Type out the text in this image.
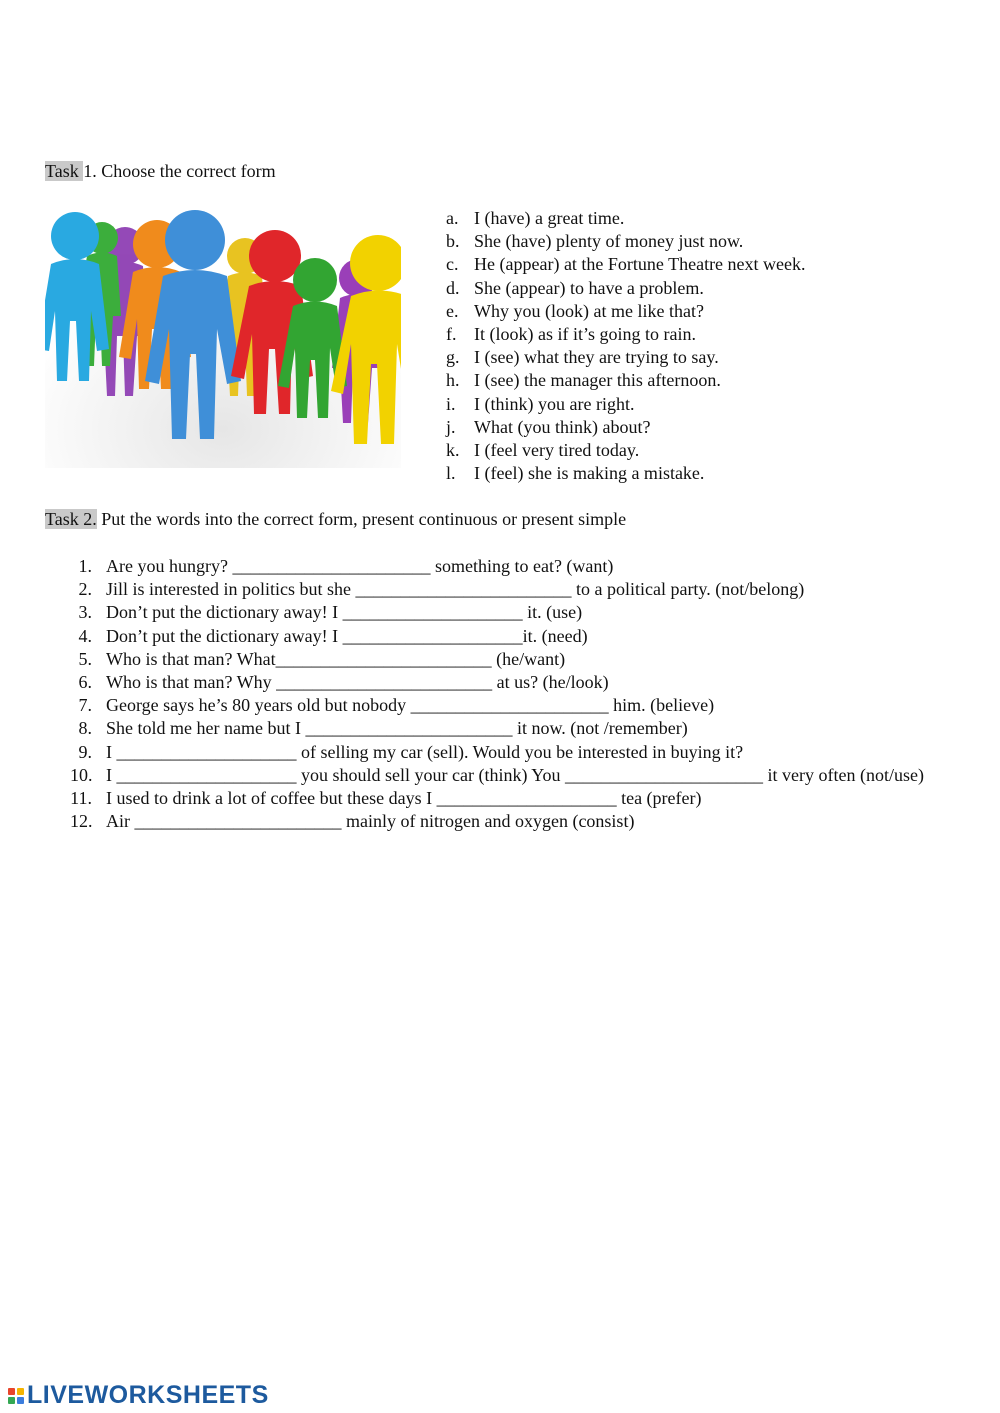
Task 1. Choose the correct form
a. I (have) a great time.
b. She (have) plenty of money just now.
c. He (appear) at the Fortune Theatre next week.
d. She (appear) to have a problem.
e. Why you (look) at me like that?
f. It (look) as if it’s going to rain.
g. I (see) what they are trying to say.
h. I (see) the manager this afternoon.
i. I (think) you are right.
j. What (you think) about?
k. I (feel very tired today.
l. I (feel) she is making a mistake.
Task 2. Put the words into the correct form, present continuous or present simple
1. Are you hungry? ______________________ something to eat? (want)
2. Jill is interested in politics but she ________________________ to a political party. (not/belong)
3. Don’t put the dictionary away! I ____________________ it. (use)
4. Don’t put the dictionary away! I ____________________it. (need)
5. Who is that man? What________________________ (he/want)
6. Who is that man? Why ________________________ at us? (he/look)
7. George says he’s 80 years old but nobody ______________________ him. (believe)
8. She told me her name but I _______________________ it now. (not /remember)
9. I ____________________ of selling my car (sell). Would you be interested in buying it?
10. I ____________________ you should sell your car (think) You ______________________ it very often (not/use)
11. I used to drink a lot of coffee but these days I ____________________ tea (prefer)
12. Air _______________________ mainly of nitrogen and oxygen (consist)
LIVEWORKSHEETS
